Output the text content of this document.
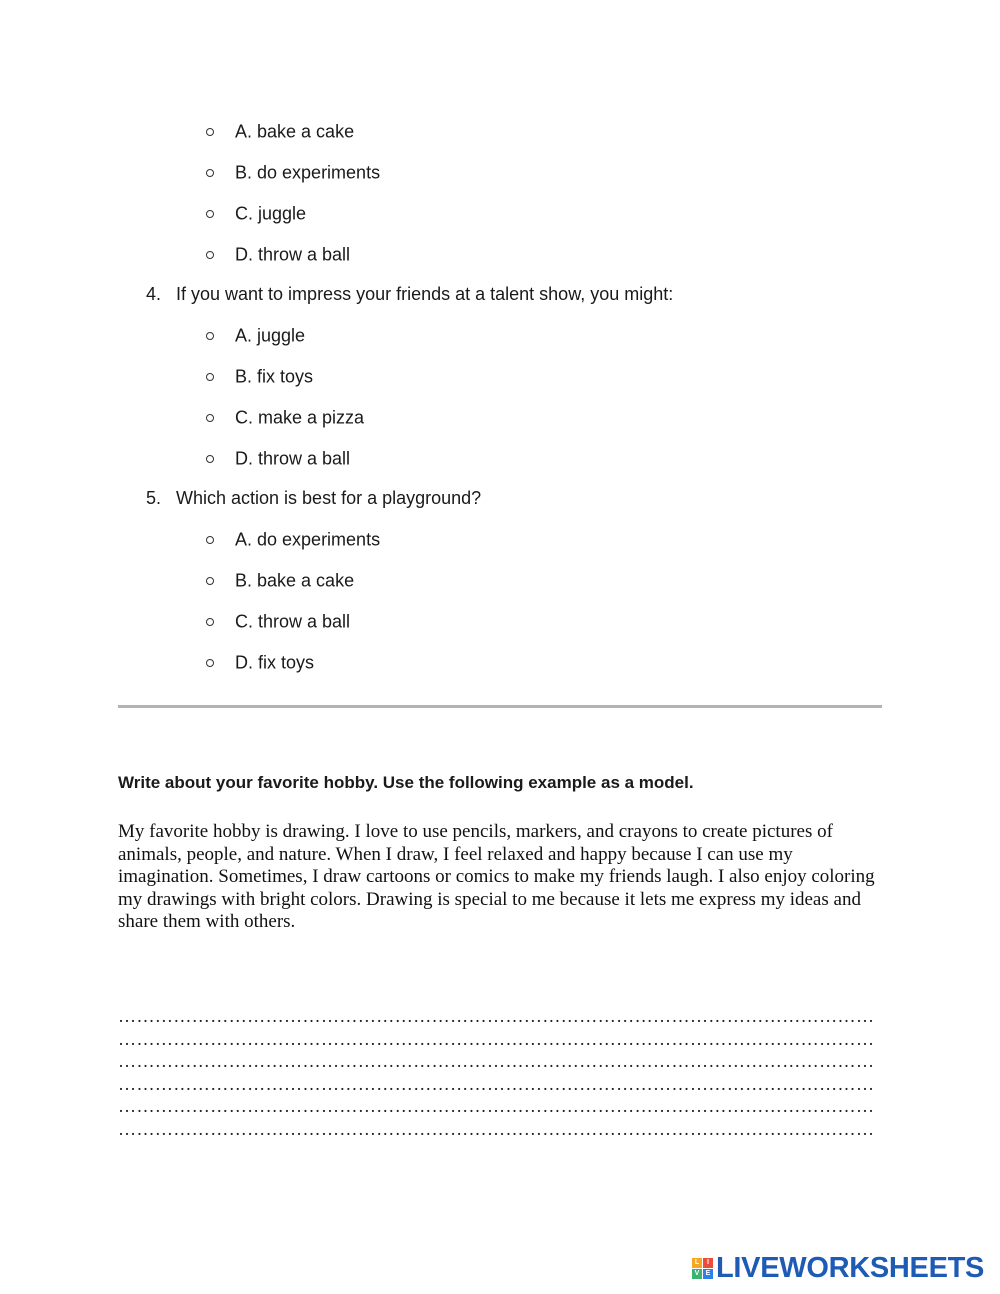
A. bake a cake
B. do experiments
C. juggle
D. throw a ball
4. If you want to impress your friends at a talent show, you might:
A. juggle
B. fix toys
C. make a pizza
D. throw a ball
5. Which action is best for a playground?
A. do experiments
B. bake a cake
C. throw a ball
D. fix toys
Write about your favorite hobby. Use the following example as a model.
My favorite hobby is drawing. I love to use pencils, markers, and crayons to create pictures of animals, people, and nature. When I draw, I feel relaxed and happy because I can use my imagination. Sometimes, I draw cartoons or comics to make my friends laugh. I also enjoy coloring my drawings with bright colors. Drawing is special to me because it lets me express my ideas and share them with others.
……………………………………………………………………………………………………………
……………………………………………………………………………………………………………
……………………………………………………………………………………………………………
……………………………………………………………………………………………………………
……………………………………………………………………………………………………………
……………………………………………………………………………………………………………
L	I
V E LIVEWORKSHEETS
